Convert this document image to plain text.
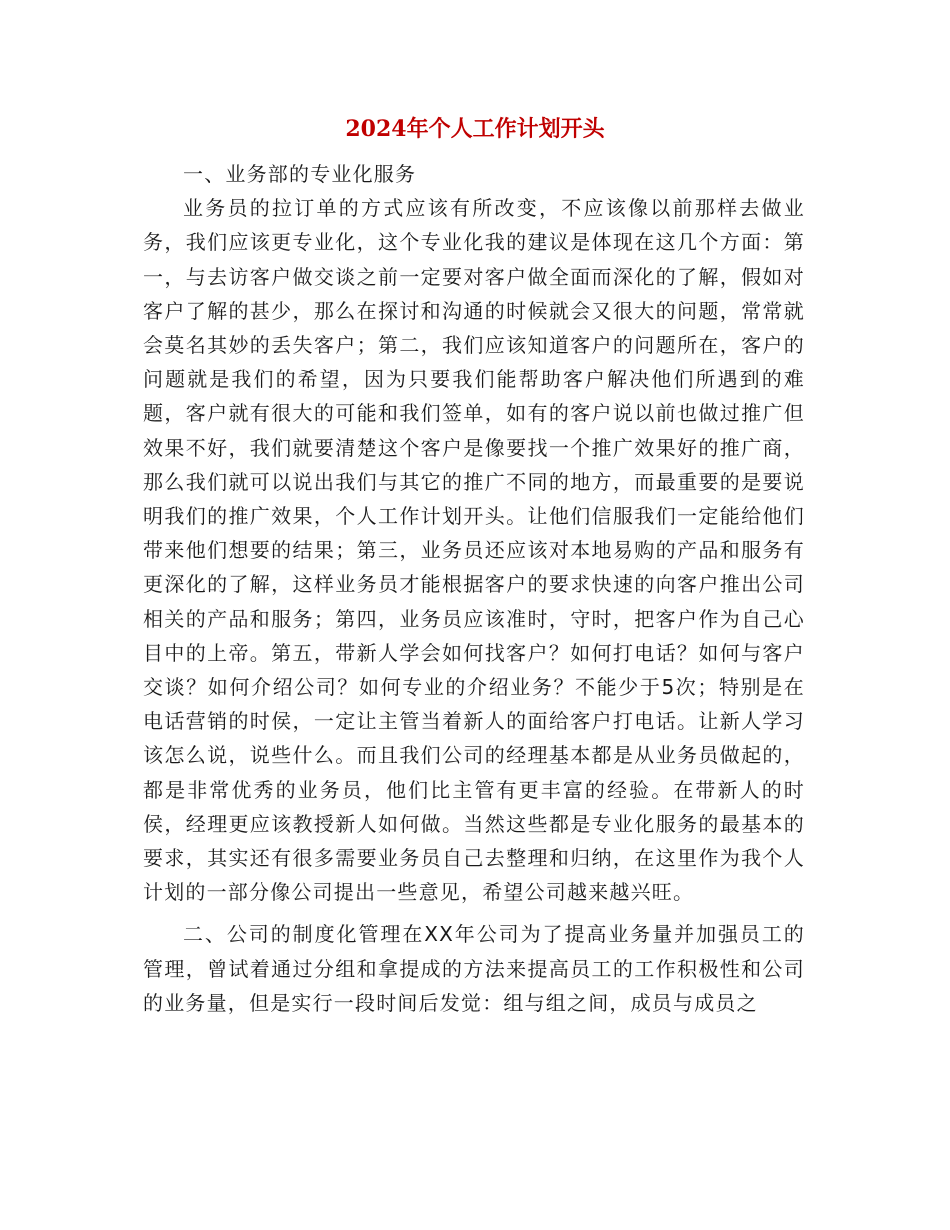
2024年个人工作计划开头

一、业务部的专业化服务

业务员的拉订单的方式应该有所改变，不应该像以前那样去做业务，我们应该更专业化，这个专业化我的建议是体现在这几个方面：第一，与去访客户做交谈之前一定要对客户做全面而深化的了解，假如对客户了解的甚少，那么在探讨和沟通的时候就会又很大的问题，常常就会莫名其妙的丢失客户；第二，我们应该知道客户的问题所在，客户的问题就是我们的希望，因为只要我们能帮助客户解决他们所遇到的难题，客户就有很大的可能和我们签单，如有的客户说以前也做过推广但效果不好，我们就要清楚这个客户是像要找一个推广效果好的推广商，那么我们就可以说出我们与其它的推广不同的地方，而最重要的是要说明我们的推广效果，个人工作计划开头。让他们信服我们一定能给他们带来他们想要的结果；第三，业务员还应该对本地易购的产品和服务有更深化的了解，这样业务员才能根据客户的要求快速的向客户推出公司相关的产品和服务；第四，业务员应该准时，守时，把客户作为自己心目中的上帝。第五，带新人学会如何找客户？如何打电话？如何与客户交谈？如何介绍公司？如何专业的介绍业务？不能少于5次；特别是在电话营销的时侯，一定让主管当着新人的面给客户打电话。让新人学习该怎么说，说些什么。而且我们公司的经理基本都是从业务员做起的，都是非常优秀的业务员，他们比主管有更丰富的经验。在带新人的时侯，经理更应该教授新人如何做。当然这些都是专业化服务的最基本的要求，其实还有很多需要业务员自己去整理和归纳，在这里作为我个人计划的一部分像公司提出一些意见，希望公司越来越兴旺。

二、公司的制度化管理在XX年公司为了提高业务量并加强员工的管理，曾试着通过分组和拿提成的方法来提高员工的工作积极性和公司的业务量，但是实行一段时间后发觉：组与组之间，成员与成员之
